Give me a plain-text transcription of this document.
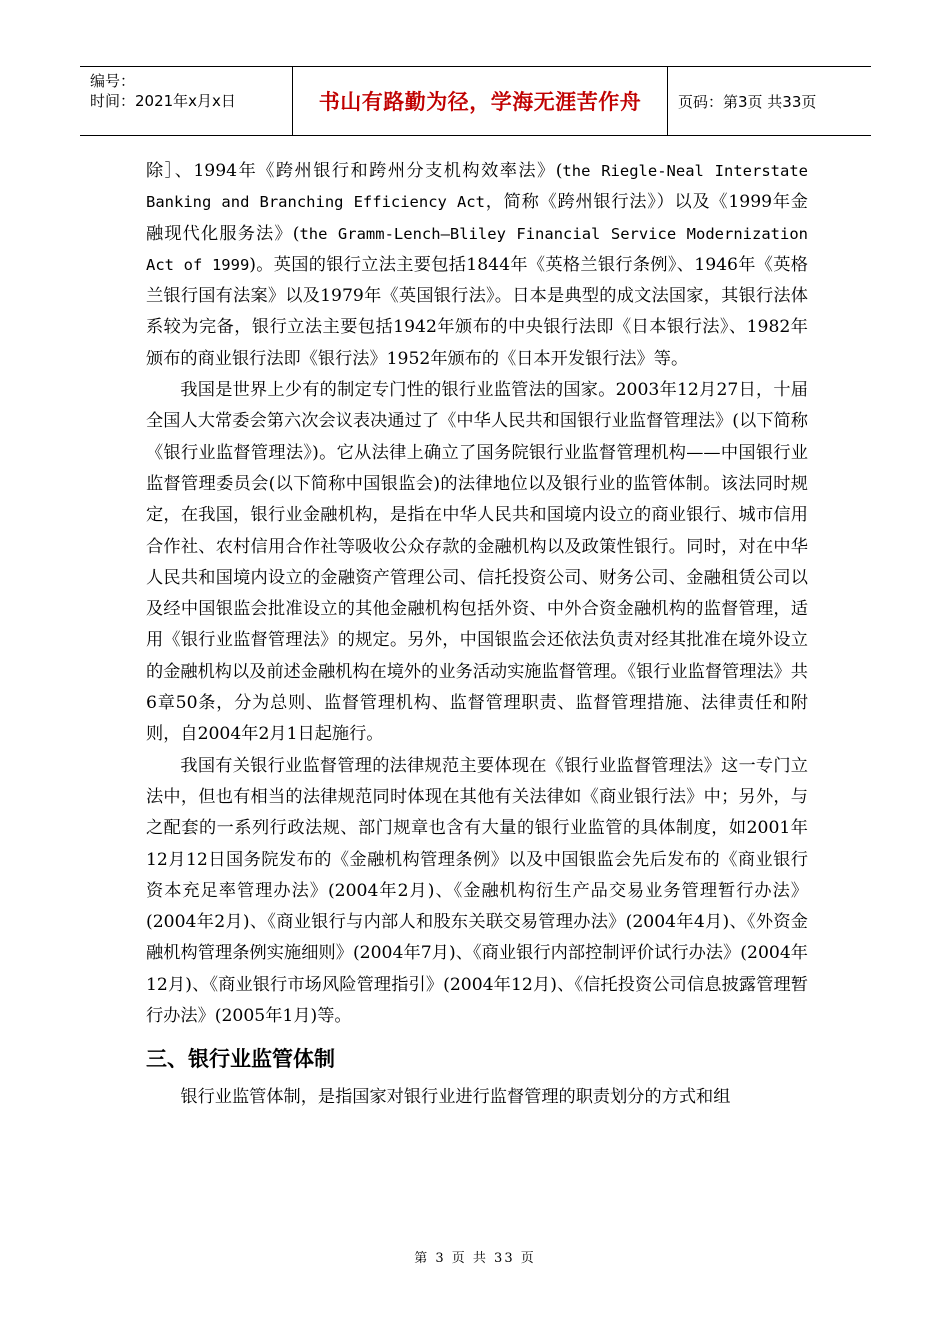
编号：
时间：2021年x月x日	书山有路勤为径，学海无涯苦作舟	页码：第3页 共33页

除］、1994年《跨州银行和跨州分支机构效率法》(the Riegle-Neal Interstate Banking and Branching Efficiency Act，简称《跨州银行法》）以及《1999年金融现代化服务法》(the Gramm-Lench—Bliley Financial Service Modernization Act of 1999)。英国的银行立法主要包括1844年《英格兰银行条例》、1946年《英格兰银行国有法案》以及1979年《英国银行法》。日本是典型的成文法国家，其银行法体系较为完备，银行立法主要包括1942年颁布的中央银行法即《日本银行法》、1982年颁布的商业银行法即《银行法》1952年颁布的《日本开发银行法》等。

我国是世界上少有的制定专门性的银行业监管法的国家。2003年12月27日，十届全国人大常委会第六次会议表决通过了《中华人民共和国银行业监督管理法》(以下简称《银行业监督管理法》)。它从法律上确立了国务院银行业监督管理机构——中国银行业监督管理委员会(以下简称中国银监会)的法律地位以及银行业的监管体制。该法同时规定，在我国，银行业金融机构，是指在中华人民共和国境内设立的商业银行、城市信用合作社、农村信用合作社等吸收公众存款的金融机构以及政策性银行。同时，对在中华人民共和国境内设立的金融资产管理公司、信托投资公司、财务公司、金融租赁公司以及经中国银监会批准设立的其他金融机构包括外资、中外合资金融机构的监督管理，适用《银行业监督管理法》的规定。另外，中国银监会还依法负责对经其批准在境外设立的金融机构以及前述金融机构在境外的业务活动实施监督管理。《银行业监督管理法》共6章50条，分为总则、监督管理机构、监督管理职责、监督管理措施、法律责任和附则，自2004年2月1日起施行。

我国有关银行业监督管理的法律规范主要体现在《银行业监督管理法》这一专门立法中，但也有相当的法律规范同时体现在其他有关法律如《商业银行法》中；另外，与之配套的一系列行政法规、部门规章也含有大量的银行业监管的具体制度，如2001年12月12日国务院发布的《金融机构管理条例》以及中国银监会先后发布的《商业银行资本充足率管理办法》(2004年2月)、《金融机构衍生产品交易业务管理暂行办法》(2004年2月)、《商业银行与内部人和股东关联交易管理办法》(2004年4月)、《外资金融机构管理条例实施细则》(2004年7月)、《商业银行内部控制评价试行办法》(2004年12月)、《商业银行市场风险管理指引》(2004年12月)、《信托投资公司信息披露管理暂行办法》(2005年1月)等。

三、银行业监管体制

银行业监管体制，是指国家对银行业进行监督管理的职责划分的方式和组

第 3 页 共 33 页
